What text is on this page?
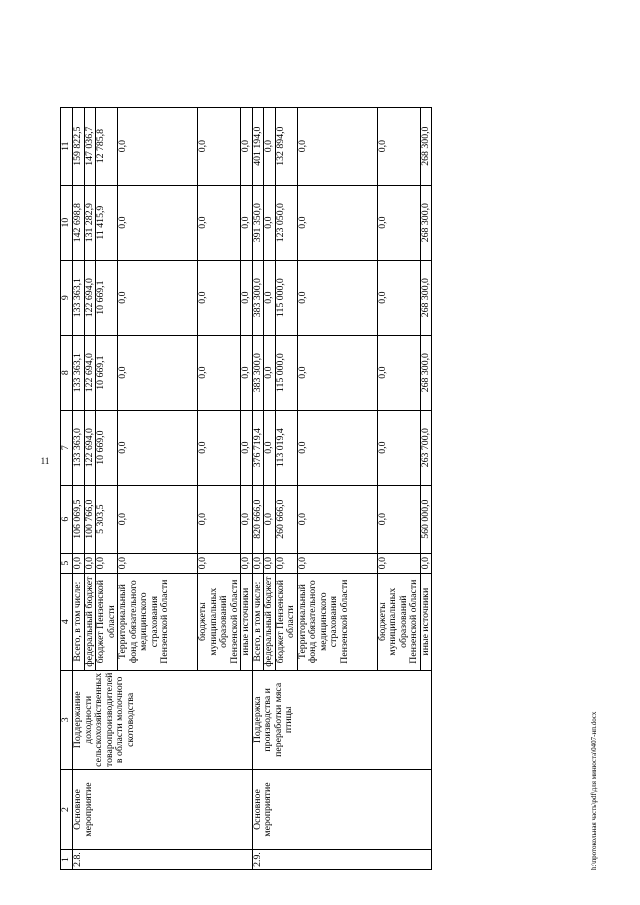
11
h:\протокольная часть\pdf\для минюста\0407-нп.docx
1	2	3	4	5	6	7	8	9	10	11
2.8.	Основное мероприятие	Поддержание доходности сельскохозяйственных товаропроизводителей в области молочного скотоводства	Всего, в том числе:	0,0	106 069,5	133 363,0	133 363,1	133 363,1	142 698,8	159 822,5
			федеральный бюджет	0,0	100 766,0	122 694,0	122 694,0	122 694,0	131 282,9	147 036,7
			бюджет Пензенской области	0,0	5 303,5	10 669,0	10 669,1	10 669,1	11 415,9	12 785,8
			Территориальный фонд обязательного медицинского страхования Пензенской области	0,0	0,0	0,0	0,0	0,0	0,0	0,0
			бюджеты муниципальных образований Пензенской области	0,0	0,0	0,0	0,0	0,0	0,0	0,0
			иные источники	0,0	0,0	0,0	0,0	0,0	0,0	0,0
2.9.	Основное мероприятие	Поддержка производства и переработки мяса птицы	Всего, в том числе:	0,0	820 666,0	376 719,4	383 300,0	383 300,0	391 350,0	401 194,0
			федеральный бюджет	0,0	0,0	0,0	0,0	0,0	0,0	0,0
			бюджет Пензенской области	0,0	260 666,0	113 019,4	115 000,0	115 000,0	123 050,0	132 894,0
			Территориальный фонд обязательного медицинского страхования Пензенской области	0,0	0,0	0,0	0,0	0,0	0,0	0,0
			бюджеты муниципальных образований Пензенской области	0,0	0,0	0,0	0,0	0,0	0,0	0,0
			иные источники	0,0	560 000,0	263 700,0	268 300,0	268 300,0	268 300,0	268 300,0
